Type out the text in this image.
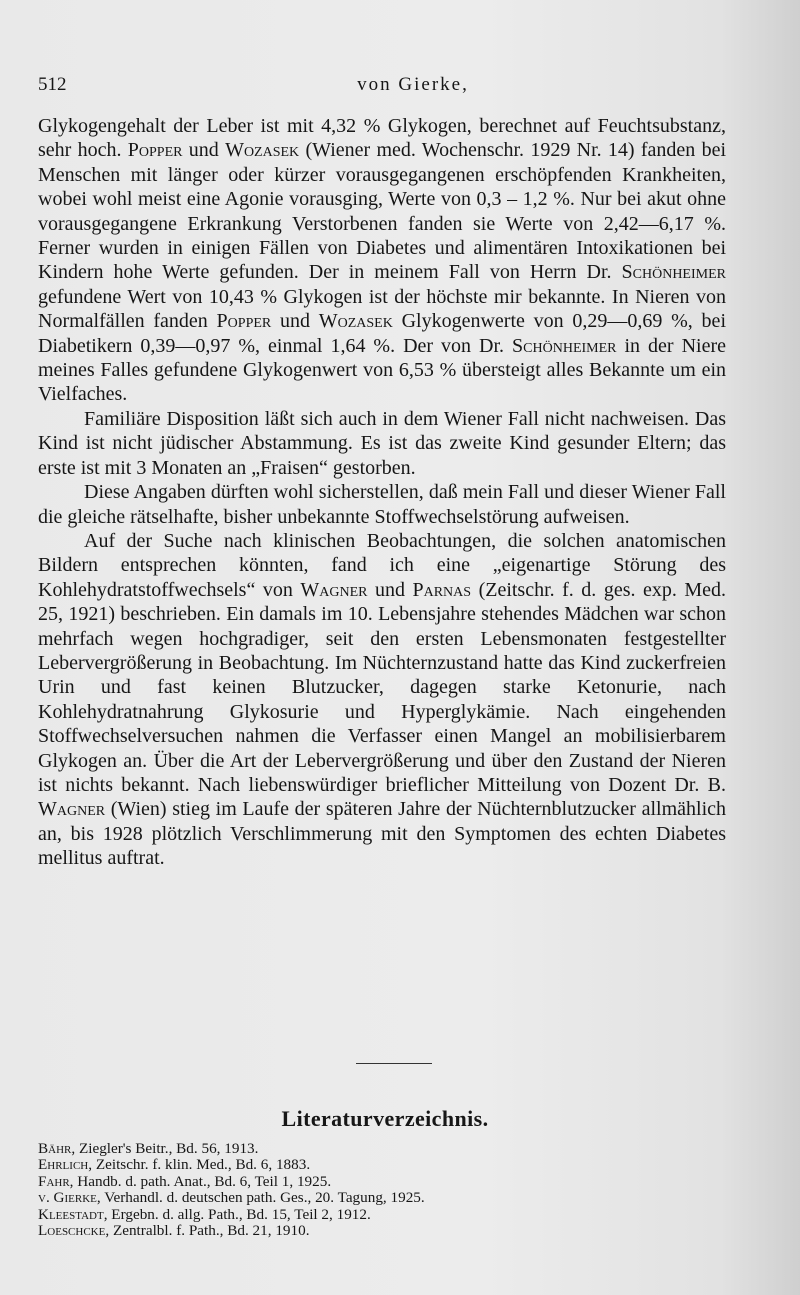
512	von Gierke,

Glykogengehalt der Leber ist mit 4,32 % Glykogen, berechnet auf Feuchtsubstanz, sehr hoch. Popper und Wozasek (Wiener med. Wochenschr. 1929 Nr. 14) fanden bei Menschen mit länger oder kürzer vorausgegangenen erschöpfenden Krankheiten, wobei wohl meist eine Agonie vorausging, Werte von 0,3 – 1,2 %. Nur bei akut ohne vorausgegangene Erkrankung Verstorbenen fanden sie Werte von 2,42—6,17 %. Ferner wurden in einigen Fällen von Diabetes und alimentären Intoxikationen bei Kindern hohe Werte gefunden. Der in meinem Fall von Herrn Dr. Schönheimer gefundene Wert von 10,43 % Glykogen ist der höchste mir bekannte. In Nieren von Normalfällen fanden Popper und Wozasek Glykogenwerte von 0,29—0,69 %, bei Diabetikern 0,39—0,97 %, einmal 1,64 %. Der von Dr. Schönheimer in der Niere meines Falles gefundene Glykogenwert von 6,53 % übersteigt alles Bekannte um ein Vielfaches.

Familiäre Disposition läßt sich auch in dem Wiener Fall nicht nachweisen. Das Kind ist nicht jüdischer Abstammung. Es ist das zweite Kind gesunder Eltern; das erste ist mit 3 Monaten an „Fraisen“ gestorben.

Diese Angaben dürften wohl sicherstellen, daß mein Fall und dieser Wiener Fall die gleiche rätselhafte, bisher unbekannte Stoffwechselstörung aufweisen.

Auf der Suche nach klinischen Beobachtungen, die solchen anatomischen Bildern entsprechen könnten, fand ich eine „eigenartige Störung des Kohlehydratstoffwechsels“ von Wagner und Parnas (Zeitschr. f. d. ges. exp. Med. 25, 1921) beschrieben. Ein damals im 10. Lebensjahre stehendes Mädchen war schon mehrfach wegen hochgradiger, seit den ersten Lebensmonaten festgestellter Lebervergrößerung in Beobachtung. Im Nüchternzustand hatte das Kind zuckerfreien Urin und fast keinen Blutzucker, dagegen starke Ketonurie, nach Kohlehydratnahrung Glykosurie und Hyperglykämie. Nach eingehenden Stoffwechselversuchen nahmen die Verfasser einen Mangel an mobilisierbarem Glykogen an. Über die Art der Lebervergrößerung und über den Zustand der Nieren ist nichts bekannt. Nach liebenswürdiger brieflicher Mitteilung von Dozent Dr. B. Wagner (Wien) stieg im Laufe der späteren Jahre der Nüchternblutzucker allmählich an, bis 1928 plötzlich Verschlimmerung mit den Symptomen des echten Diabetes mellitus auftrat.

Literaturverzeichnis.
Bähr, Ziegler's Beitr., Bd. 56, 1913.
Ehrlich, Zeitschr. f. klin. Med., Bd. 6, 1883.
Fahr, Handb. d. path. Anat., Bd. 6, Teil 1, 1925.
v. Gierke, Verhandl. d. deutschen path. Ges., 20. Tagung, 1925.
Kleestadt, Ergebn. d. allg. Path., Bd. 15, Teil 2, 1912.
Loeschcke, Zentralbl. f. Path., Bd. 21, 1910.
